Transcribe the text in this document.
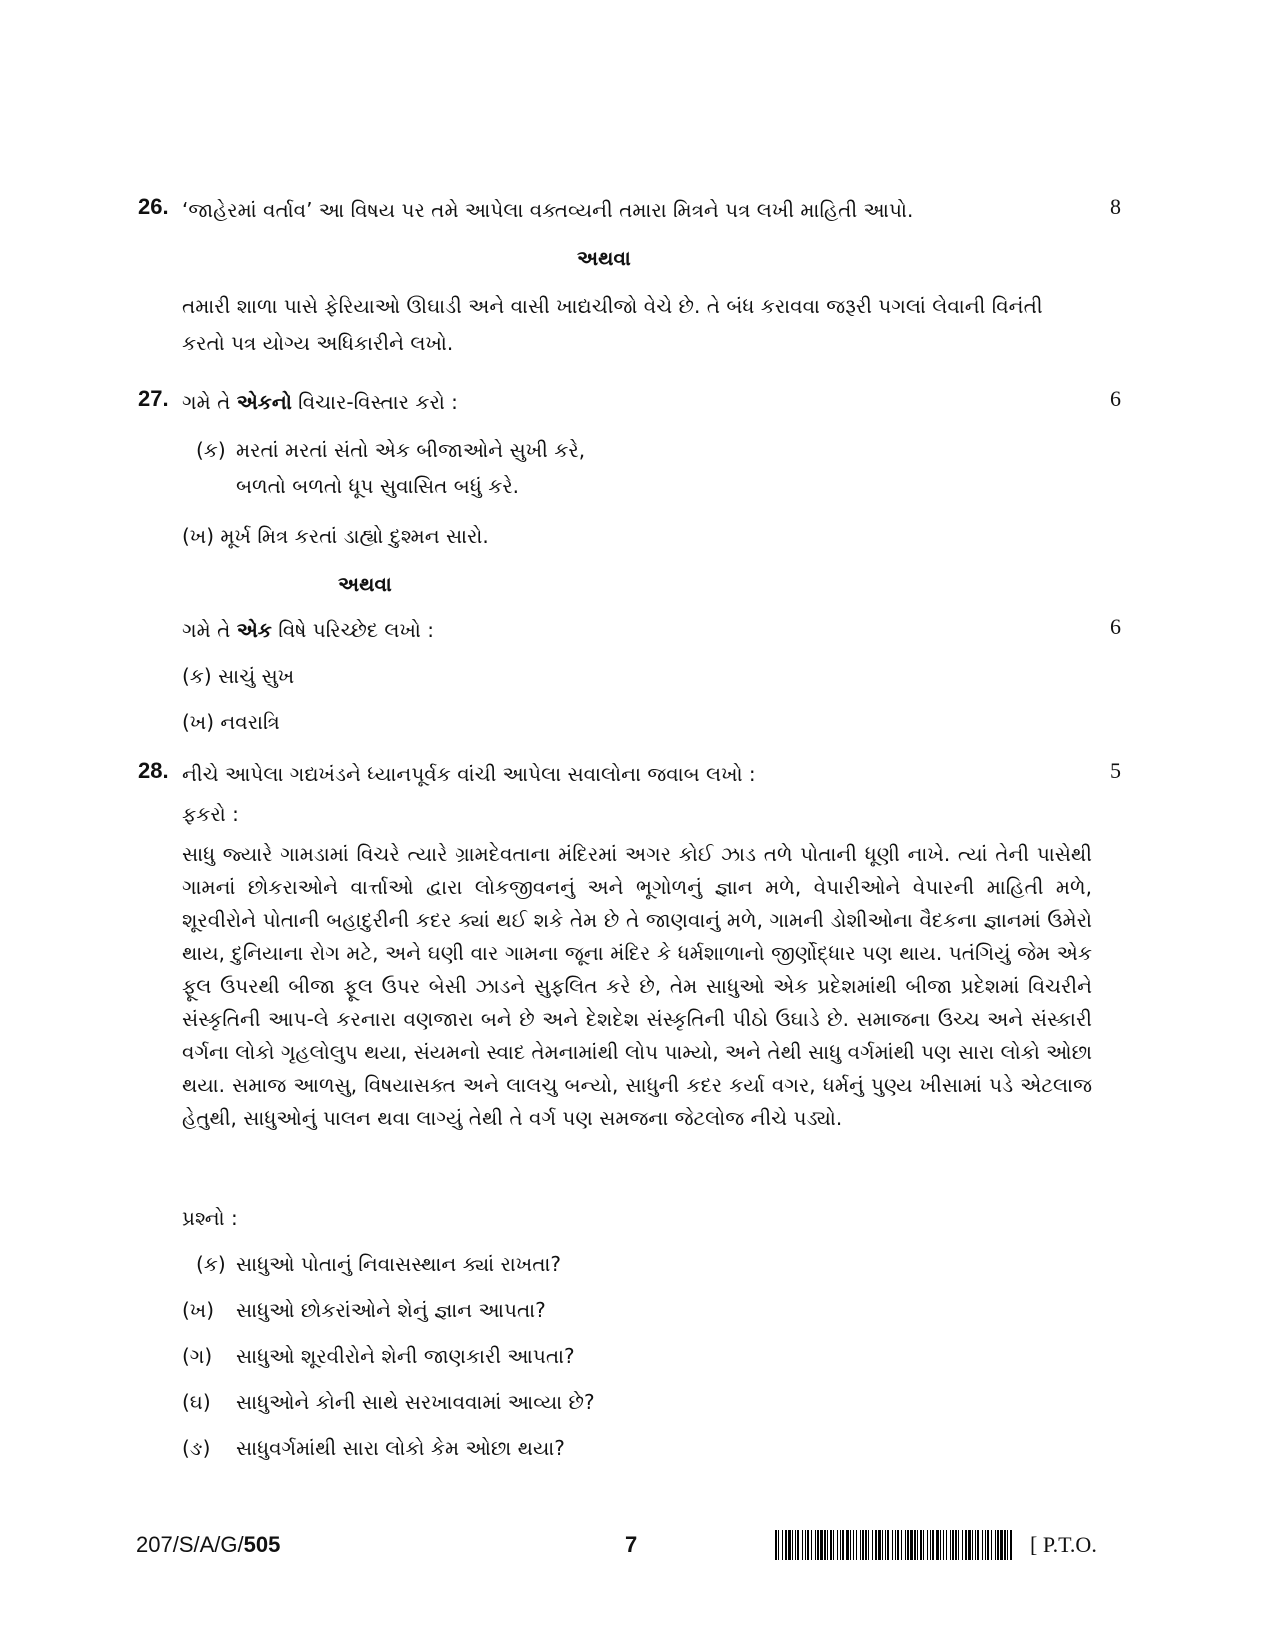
26. ‘જાહેરમાં વર્તાવ’ આ વિષય પર તમે આપેલા વક્તવ્યની તમારા મિત્રને પત્ર લખી માહિતી આપો.	8
અથવા
તમારી શાળા પાસે ફેરિયાઓ ઊઘાડી અને વાસી ખાદ્યચીજો વેચે છે. તે બંધ કરાવવા જરૂરી પગલાં લેવાની વિનંતી
કરતો પત્ર યોગ્ય અધિકારીને લખો.
27. ગમે તે એકનો વિચાર-વિસ્તાર કરો :	6
(ક) મરતાં મરતાં સંતો એક બીજાઓને સુખી કરે,
બળતો બળતો ધૂપ સુવાસિત બધું કરે.
(ખ) મૂર્ખ મિત્ર કરતાં ડાહ્યો દુશ્મન સારો.
અથવા
ગમે તે એક વિષે પરિચ્છેદ લખો :	6
(ક) સાચું સુખ
(ખ) નવરાત્રિ
28. નીચે આપેલા ગદ્યખંડને ધ્યાનપૂર્વક વાંચી આપેલા સવાલોના જવાબ લખો :	5
ફકરો :
સાધુ જ્યારે ગામડામાં વિચરે ત્યારે ગ્રામદેવતાના મંદિરમાં અગર કોઈ ઝાડ તળે પોતાની ધૂણી નાખે. ત્યાં તેની પાસેથી ગામનાં છોકરાઓને વાર્ત્તાઓ દ્વારા લોકજીવનનું અને ભૂગોળનું જ્ઞાન મળે, વેપારીઓને વેપારની માહિતી મળે, શૂરવીરોને પોતાની બહાદુરીની કદર ક્યાં થઈ શકે તેમ છે તે જાણવાનું મળે, ગામની ડોશીઓના વૈદકના જ્ઞાનમાં ઉમેરો થાય, દુનિયાના રોગ મટે, અને ઘણી વાર ગામના જૂના મંદિર કે ધર્મશાળાનો જીર્ણોદ્ધાર પણ થાય. પતંગિયું જેમ એક ફૂલ ઉપરથી બીજા ફૂલ ઉપર બેસી ઝાડને સુફલિત કરે છે, તેમ સાધુઓ એક પ્રદેશમાંથી બીજા પ્રદેશમાં વિચરીને સંસ્કૃતિની આપ-લે કરનારા વણજારા બને છે અને દેશદેશ સંસ્કૃતિની પીઠો ઉઘાડે છે. સમાજના ઉચ્ચ અને સંસ્કારી વર્ગના લોકો ગૃહલોલુપ થયા, સંયમનો સ્વાદ તેમનામાંથી લોપ પામ્યો, અને તેથી સાધુ વર્ગમાંથી પણ સારા લોકો ઓછા થયા. સમાજ આળસુ, વિષયાસક્ત અને લાલચુ બન્યો, સાધુની કદર કર્યા વગર, ધર્મનું પુણ્ય ખીસામાં પડે એટલાજ હેતુથી, સાધુઓનું પાલન થવા લાગ્યું તેથી તે વર્ગ પણ સમજના જેટલોજ નીચે પડ્યો.
પ્રશ્નો :
(ક) સાધુઓ પોતાનું નિવાસસ્થાન ક્યાં રાખતા?
(ખ) સાધુઓ છોકરાંઓને શેનું જ્ઞાન આપતા?
(ગ) સાધુઓ શૂરવીરોને શેની જાણકારી આપતા?
(ઘ) સાધુઓને કોની સાથે સરખાવવામાં આવ્યા છે?
(ઙ) સાધુવર્ગમાંથી સારા લોકો કેમ ઓછા થયા?
207/S/A/G/505	7	[ P.T.O.
